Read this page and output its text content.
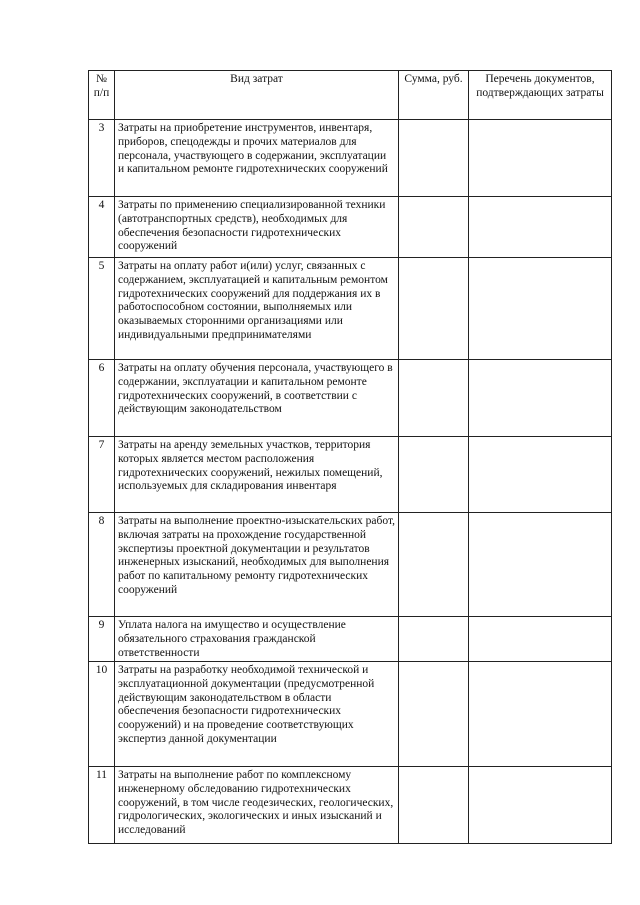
№ п/п	Вид затрат	Сумма, руб.	Перечень документов, подтверждающих затраты
3	Затраты на приобретение инструментов, инвентаря, приборов, спецодежды и прочих материалов для персонала, участвующего в содержании, эксплуатации и капитальном ремонте гидротехнических сооружений		
4	Затраты по применению специализированной техники (автотранспортных средств), необходимых для обеспечения безопасности гидротехнических сооружений		
5	Затраты на оплату работ и(или) услуг, связанных с содержанием, эксплуатацией и капитальным ремонтом гидротехнических сооружений для поддержания их в работоспособном состоянии, выполняемых или оказываемых сторонними организациями или индивидуальными предпринимателями		
6	Затраты на оплату обучения персонала, участвующего в содержании, эксплуатации и капитальном ремонте гидротехнических сооружений, в соответствии с действующим законодательством		
7	Затраты на аренду земельных участков, территория которых является местом расположения гидротехнических сооружений, нежилых помещений, используемых для складирования инвентаря		
8	Затраты на выполнение проектно-изыскательских работ, включая затраты на прохождение государственной экспертизы проектной документации и результатов инженерных изысканий, необходимых для выполнения работ по капитальному ремонту гидротехнических сооружений		
9	Уплата налога на имущество и осуществление обязательного страхования гражданской ответственности		
10	Затраты на разработку необходимой технической и эксплуатационной документации (предусмотренной действующим законодательством в области обеспечения безопасности гидротехнических сооружений) и на проведение соответствующих экспертиз данной документации		
11	Затраты на выполнение работ по комплексному инженерному обследованию гидротехнических сооружений, в том числе геодезических, геологических, гидрологических, экологических и иных изысканий и исследований		
